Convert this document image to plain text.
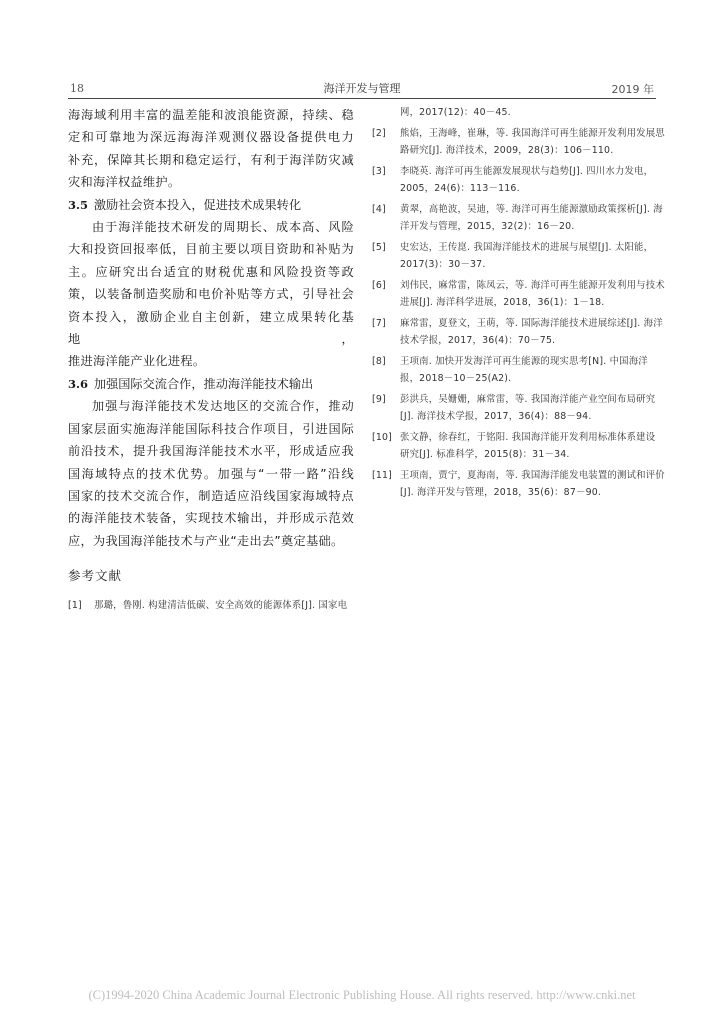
18	海洋开发与管理	2019 年

海海域利用丰富的温差能和波浪能资源，持续、稳

定和可靠地为深远海海洋观测仪器设备提供电力

补充，保障其长期和稳定运行，有利于海洋防灾减

灾和海洋权益维护。

3.5 激励社会资本投入，促进技术成果转化

由于海洋能技术研发的周期长、成本高、风险

大和投资回报率低，目前主要以项目资助和补贴为

主。应研究出台适宜的财税优惠和风险投资等政

策，以装备制造奖励和电价补贴等方式，引导社会

资本投入，激励企业自主创新，建立成果转化基地，

推进海洋能产业化进程。

3.6 加强国际交流合作，推动海洋能技术输出

加强与海洋能技术发达地区的交流合作，推动

国家层面实施海洋能国际科技合作项目，引进国际

前沿技术，提升我国海洋能技术水平，形成适应我

国海域特点的技术优势。加强与“一带一路”沿线

国家的技术交流合作，制造适应沿线国家海域特点

的海洋能技术装备，实现技术输出，并形成示范效

应，为我国海洋能技术与产业“走出去”奠定基础。

参考文献

[1] 那璐，鲁刚. 构建清洁低碳、安全高效的能源体系[J]. 国家电
网，2017(12)：40－45.
[2] 熊焰，王海峰，崔琳，等. 我国海洋可再生能源开发利用发展思
路研究[J]. 海洋技术，2009，28(3)：106－110.
[3] 李晓英. 海洋可再生能源发展现状与趋势[J]. 四川水力发电，
2005，24(6)：113－116.
[4] 黄翠，高艳波，吴迪，等. 海洋可再生能源激励政策探析[J]. 海
洋开发与管理，2015，32(2)：16－20.
[5] 史宏达，王传崑. 我国海洋能技术的进展与展望[J]. 太阳能，
2017(3)：30－37.
[6] 刘伟民，麻常雷，陈凤云，等. 海洋可再生能源开发利用与技术
进展[J]. 海洋科学进展，2018，36(1)：1－18.
[7] 麻常雷，夏登文，王萌，等. 国际海洋能技术进展综述[J]. 海洋
技术学报，2017，36(4)：70－75.
[8] 王项南. 加快开发海洋可再生能源的现实思考[N]. 中国海洋
报，2018－10－25(A2).
[9] 彭洪兵，吴姗姗，麻常雷，等. 我国海洋能产业空间布局研究
[J]. 海洋技术学报，2017，36(4)：88－94.
[10] 张文静，徐春红，于铭阳. 我国海洋能开发利用标准体系建设
研究[J]. 标准科学，2015(8)：31－34.
[11] 王项南，贾宁，夏海南，等. 我国海洋能发电装置的测试和评价
[J]. 海洋开发与管理，2018，35(6)：87－90.
(C)1994-2020 China Academic Journal Electronic Publishing House. All rights reserved. http://www.cnki.net
